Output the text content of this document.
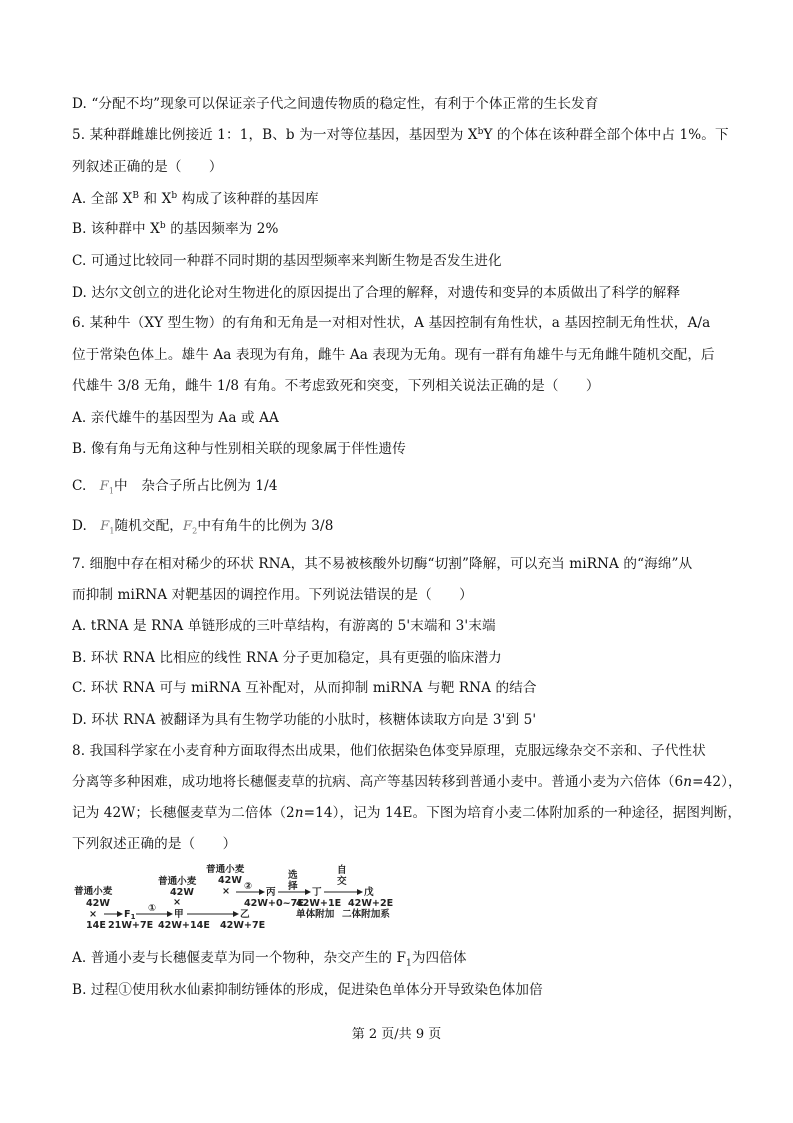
D. “分配不均”现象可以保证亲子代之间遗传物质的稳定性，有利于个体正常的生长发育
5. 某种群雌雄比例接近 1：1，B、b 为一对等位基因，基因型为 $X^bY$ 的个体在该种群全部个体中占 1%。下
列叙述正确的是（　　）
A. 全部 $X^B$ 和 $X^b$ 构成了该种群的基因库
B. 该种群中 $X^b$ 的基因频率为 2%
C. 可通过比较同一种群不同时期的基因型频率来判断生物是否发生进化
D. 达尔文创立的进化论对生物进化的原因提出了合理的解释，对遗传和变异的本质做出了科学的解释
6. 某种牛（XY 型生物）的有角和无角是一对相对性状，A 基因控制有角性状，a 基因控制无角性状，A/a
位于常染色体上。雄牛 Aa 表现为有角，雌牛 Aa 表现为无角。现有一群有角雄牛与无角雌牛随机交配，后
代雄牛 3/8 无角，雌牛 1/8 有角。不考虑致死和突变，下列相关说法正确的是（　　）
A. 亲代雄牛的基因型为 Aa 或 AA
B. 像有角与无角这种与性别相关联的现象属于伴性遗传
C. $F_1$中　杂合子所占比例为 1/4
D. $F_1$随机交配，$F_2$中有角牛的比例为 3/8
7. 细胞中存在相对稀少的环状 RNA，其不易被核酸外切酶“切割”降解，可以充当 miRNA 的“海绵”从
而抑制 miRNA 对靶基因的调控作用。下列说法错误的是（　　）
A. tRNA 是 RNA 单链形成的三叶草结构，有游离的 5'末端和 3'末端
B. 环状 RNA 比相应的线性 RNA 分子更加稳定，具有更强的临床潜力
C. 环状 RNA 可与 miRNA 互补配对，从而抑制 miRNA 与靶 RNA 的结合
D. 环状 RNA 被翻译为具有生物学功能的小肽时，核糖体读取方向是 3'到 5'
8. 我国科学家在小麦育种方面取得杰出成果，他们依据染色体变异原理，克服远缘杂交不亲和、子代性状
分离等多种困难，成功地将长穗偃麦草的抗病、高产等基因转移到普通小麦中。普通小麦为六倍体（6n=42），
记为 42W；长穗偃麦草为二倍体（2n=14），记为 14E。下图为培育小麦二体附加系的一种途径，据图判断，
下列叙述正确的是（　　）
普通小麦
42W
×
14E
$F_1$
21W+7E
①
甲
42W+14E
普通小麦
42W
×
乙
42W+7E
普通小麦
42W
× ②
丙
42W+0~7E
选
择
丁
42W+1E
单体附加
自
交
戊
42W+2E
二体附加系
A. 普通小麦与长穗偃麦草为同一个物种，杂交产生的 $F_1$为四倍体
B. 过程①使用秋水仙素抑制纺锤体的形成，促进染色单体分开导致染色体加倍
第 2 页/共 9 页
